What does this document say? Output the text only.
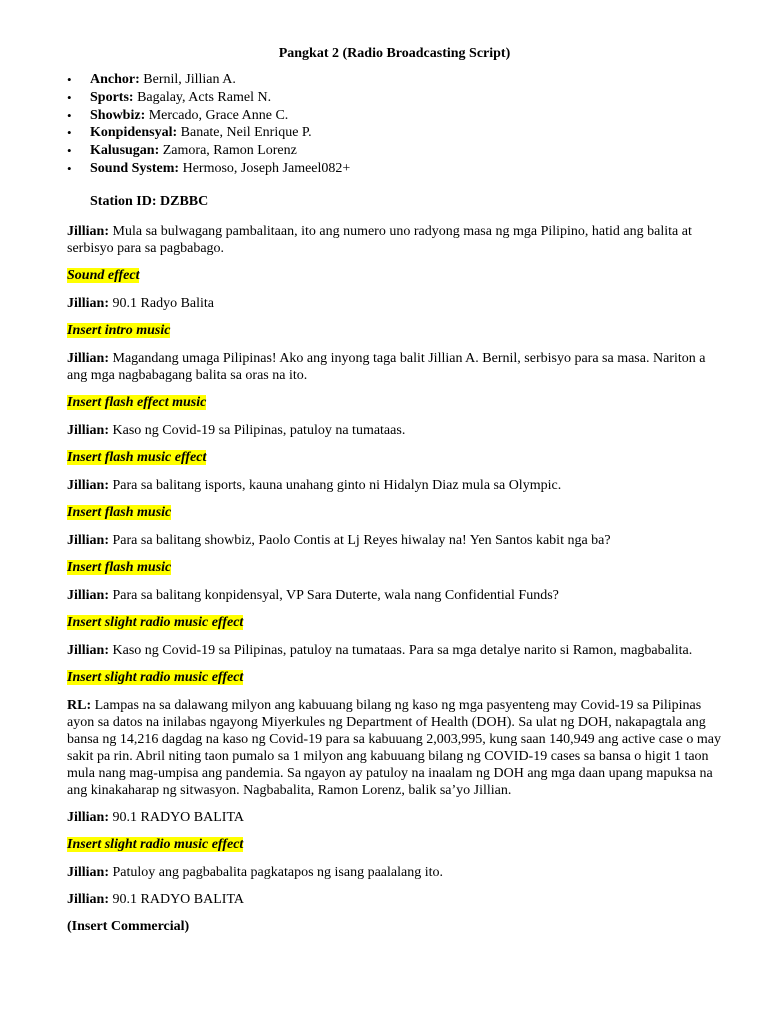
Pangkat 2 (Radio Broadcasting Script)
• Anchor: Bernil, Jillian A.
• Sports: Bagalay, Acts Ramel N.
• Showbiz: Mercado, Grace Anne C.
• Konpidensyal: Banate, Neil Enrique P.
• Kalusugan: Zamora, Ramon Lorenz
• Sound System: Hermoso, Joseph Jameel082+
Station ID: DZBBC

Jillian: Mula sa bulwagang pambalitaan, ito ang numero uno radyong masa ng mga Pilipino, hatid ang balita at serbisyo para sa pagbabago.

Sound effect

Jillian: 90.1 Radyo Balita

Insert intro music

Jillian: Magandang umaga Pilipinas! Ako ang inyong taga balit Jillian A. Bernil, serbisyo para sa masa. Nariton a ang mga nagbabagang balita sa oras na ito.

Insert flash effect music

Jillian: Kaso ng Covid-19 sa Pilipinas, patuloy na tumataas.

Insert flash music effect

Jillian: Para sa balitang isports, kauna unahang ginto ni Hidalyn Diaz mula sa Olympic.

Insert flash music

Jillian: Para sa balitang showbiz, Paolo Contis at Lj Reyes hiwalay na! Yen Santos kabit nga ba?

Insert flash music

Jillian: Para sa balitang konpidensyal, VP Sara Duterte, wala nang Confidential Funds?

Insert slight radio music effect

Jillian: Kaso ng Covid-19 sa Pilipinas, patuloy na tumataas. Para sa mga detalye narito si Ramon, magbabalita.

Insert slight radio music effect

RL: Lampas na sa dalawang milyon ang kabuuang bilang ng kaso ng mga pasyenteng may Covid-19 sa Pilipinas ayon sa datos na inilabas ngayong Miyerkules ng Department of Health (DOH). Sa ulat ng DOH, nakapagtala ang bansa ng 14,216 dagdag na kaso ng Covid-19 para sa kabuuang 2,003,995, kung saan 140,949 ang active case o may sakit pa rin. Abril niting taon pumalo sa 1 milyon ang kabuuang bilang ng COVID-19 cases sa bansa o higit 1 taon mula nang mag-umpisa ang pandemia. Sa ngayon ay patuloy na inaalam ng DOH ang mga daan upang mapuksa na ang kinakaharap ng sitwasyon. Nagbabalita, Ramon Lorenz, balik sa’yo Jillian.

Jillian: 90.1 RADYO BALITA

Insert slight radio music effect

Jillian: Patuloy ang pagbabalita pagkatapos ng isang paalalang ito.

Jillian: 90.1 RADYO BALITA

(Insert Commercial)
